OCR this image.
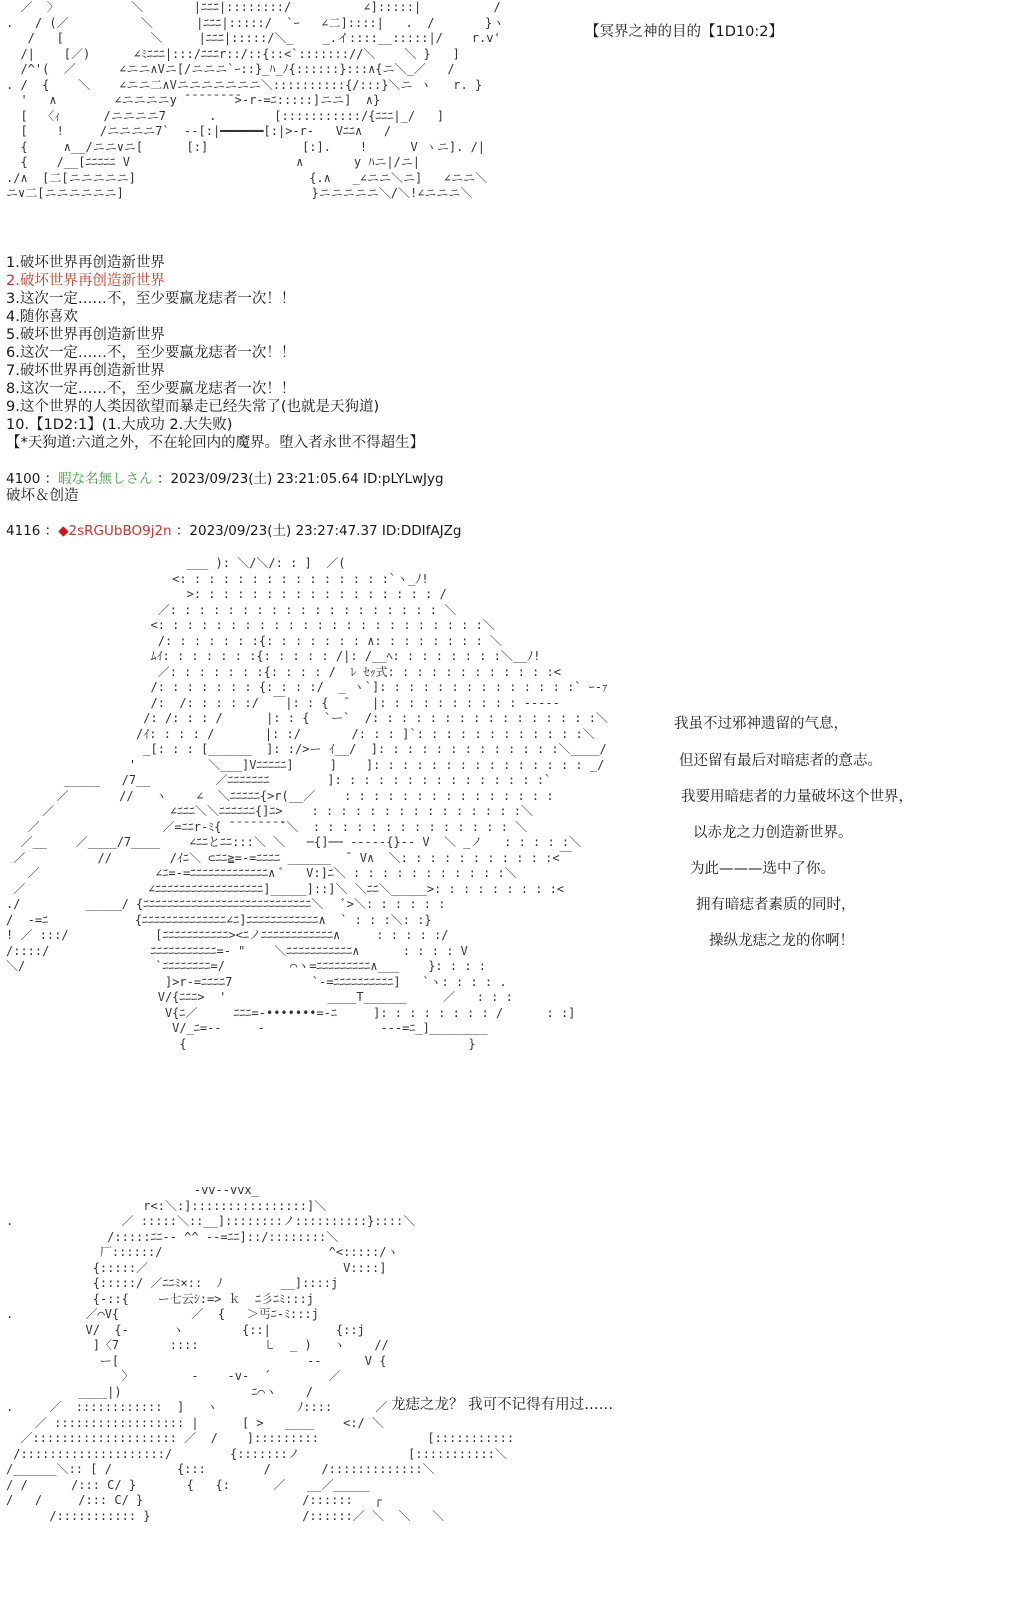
／  〉          ＼       |ﾆﾆﾆ|::::::::/          ∠]:::::|          /
.   / (／          ＼      |ﾆﾆﾆ|:::::/  `ｰ   ∠二]::::|   .  /       }ヽ
/   [            ＼     |ﾆﾆﾆ|:::::/＼_    _.イ::::__:::::|/    r.v'
/|    [／)      ∠ﾐﾆﾆﾆ|:::/ﾆﾆﾆr::/::{::<`::::::://＼    ＼ }   ]
/^'(  ／      ∠ニニ∧Vニ[/ニニニ`ｰ::}_ﾊ_ﾉ{::::::}:::∧{ニ＼_／   /
. /  {    ＼    ∠ニニ二∧Vニニニニニニニ＼::::::::::{/:::}＼ニ ヽ   r. }
'   ∧        ∠ニニニニy ̄ ̄ ̄ ̄ ̄ ̄ ̄ ̄>-r-=ﾆ:::::]ニニ]  ∧}
[  〈ｨ      /ニニニニ7      .        [:::::::::::/{ﾆﾆﾆ|_/   ]
[    !     /ニニニニ7`  --[:|━━━━━━[:|>-r-   Vﾆﾆ∧   /
{     ∧__/ニニ∨ニ[      [:]             [:].    !      V ヽニ]. /|
{    /__[ﾆﾆﾆﾆﾆ V                       ∧       y ﾊニ|/ニ|
./∧  [二[ニニニニニ]                        {.∧   _∠ニニ＼ニ]   ∠ニニ＼
ニ∨二[ニニニニニニ]                          }ニニニニニ＼/＼!∠ニニニ＼
【冥界之神的目的【1D10:2】
1.破坏世界再创造新世界
2.破坏世界再创造新世界
3.这次一定……不，至少要赢龙痣者一次！！
4.随你喜欢
5.破坏世界再创造新世界
6.这次一定……不，至少要赢龙痣者一次！！
7.破坏世界再创造新世界
8.这次一定……不，至少要赢龙痣者一次！！
9.这个世界的人类因欲望而暴走已经失常了(也就是天狗道)
10.【1D2:1】(1.大成功 2.大失败)
【*天狗道:六道之外，不在轮回内的魔界。堕入者永世不得超生】
4100 ：暇な名無しさん ：2023/09/23(土) 23:21:05.64 ID:pLYLwJyg
破坏＆创造
4116 ：◆2sRGUbBO9j2n ：2023/09/23(土) 23:27:47.37 ID:DDIfAJZg
___ ): ＼/＼/: : ]  ／(
<: : : : : : : : : : : : : : :`ヽ_ﾉ!
>: : : : : : : : : : : : : : : : : /
／: : : : : : : : : : : : : : : : : : : ＼
<: : : : : : : : : : : : : : : : : : : : : : :＼
/: : : : : : :{: : : : : : : ∧: : : : : : : : ＼
ﾑｲ: : : : : : :{: : : : : /|: /__ﾍ: : : : : : : :＼__ﾉ!
／: : : : : : :{: : : : /  ﾚ ｾｯ式: : : : : : : : : : : :<
/: : : : : : : {: : : :/  _ ヽ`]: : : : : : : : : : : : : :` ｰ-ｧ
/:  /: : : : :/  ￣|: : {  ̄    |: : : : : : : : : : -----
/: /: : : /      |: : {  `ー`  /: : : : : : : : : : : : : : : :＼
/ｲ: : : : /       |: :/       /: : : ]`: : : : : : : : : : : :＼
_[: : : [______  ]: :/>ー ｲ__/  ]: : : : : : : : : : : : :＼____/
'          ＼___]Vﾆﾆﾆﾆﾆ]     ]    ]: : : : : : : : : : : : : : : _/
_____   /7__         ／ﾆﾆﾆﾆﾆﾆﾆ        ]: : : : : : : : : : : : : : :`
／       //   ヽ    ∠  ＼ﾆﾆﾆﾆﾆ{>r(__／    : : : : : : : : : : : : : : :
／                ∠ﾆﾆﾆ＼＼ﾆﾆﾆﾆﾆﾆ{]ﾆ>    : : : : : : : : : : : : : : :＼
／                 ／=ﾆﾆr-ﾐ{ ̄ ̄ ̄ ̄ ̄ ̄ ̄ ̄`＼  : : : : : : : : : : : : : : ＼
／__    ／____/7____    ∠ﾆﾆとﾆﾆ:::＼ ＼   ─{]── -----{}-- V  ＼ _ノ   : : : : :＼
／          //        /ｲﾆ＼ ⊂ﾆﾆ≧=-=ﾆﾆﾆﾆ ______  ̄  V∧  ＼: : : : : : : : : : :<￣
／                ∠ﾆ=-=ﾆﾆﾆﾆﾆﾆﾆﾆﾆﾆﾆﾆﾆ∧ ﾞ   V:]ﾆ＼ : : : : : : : : : : :＼
／                 ∠ﾆﾆﾆﾆﾆﾆﾆﾆﾆﾆﾆﾆﾆﾆﾆﾆﾆﾆ]_____]::]＼ ＼ﾆﾆ＼_____>: : : : : : : : :<
./         _____/ {ﾆﾆﾆﾆﾆﾆﾆﾆﾆﾆﾆﾆﾆﾆﾆﾆﾆﾆﾆﾆﾆﾆﾆﾆﾆﾆﾆﾆ＼   ﾞ>＼: : : : : :
/  -=ﾆ            {ﾆﾆﾆﾆﾆﾆﾆﾆﾆﾆﾆﾆﾆﾆ∠ﾆ]ﾆﾆﾆﾆﾆﾆﾆﾆﾆﾆﾆﾆ∧  ` : : :＼: :}
! ／ :::/            [ﾆﾆﾆﾆﾆﾆﾆﾆﾆﾆﾆ><ﾆノﾆﾆﾆﾆﾆﾆﾆﾆﾆﾆﾆﾆ∧     : : : : :/
/::::/              ﾆﾆﾆﾆﾆﾆﾆﾆﾆﾆﾆ=- "    ＼ﾆﾆﾆﾆﾆﾆﾆﾆﾆﾆﾆ∧      : : : : V
＼/                  `ﾆﾆﾆﾆﾆﾆﾆﾆ=/         ⌒ヽ=ﾆﾆﾆﾆﾆﾆﾆﾆﾆ∧___    }: : : :
]>r-=ﾆﾆﾆﾆ7           `-=ﾆﾆﾆﾆﾆﾆﾆﾆﾆﾆ]   `ヽ: : : : .
V/{ﾆﾆﾆ>  '              ____T______     ／   : : :
V{ﾆ／     ﾆﾆﾆ=-•••••••=-ﾆ     ]: : : : : : : : /      : :]
V/_ﾆ=--     -                ---=ﾆ_]________
{                                       }
我虽不过邪神遗留的气息，
但还留有最后对暗痣者的意志。
我要用暗痣者的力量破坏这个世界，
以赤龙之力创造新世界。
为此———选中了你。
拥有暗痣者素质的同时，
操纵龙痣之龙的你啊！
-vv--vvx_
r<:＼:]::::::::::::::::]＼
.               ／ :::::＼::__]::::::::ノ::::::::::}::::＼
/:::::ﾆﾆ-- ^^ --=ﾆﾆ]::/::::::::＼
厂::::::/                       ^<:::::/ヽ
{:::::／                           V::::]
{:::::/ ／ﾆﾆﾐ×::  ﾉ        __]::::j
{-::{    ー七云ｼ:=> ｋ  ﾆ彡ﾆﾐ:::j
.          ／⌒V{          ／  {   ＞丐ﾆ-ﾐ:::j
V/  {-      ヽ        {::|         {::j
]〈7       ::::         ㇄  _ )   ヽ    //
ー[                          --      V {
〉        -    -v-  ´        ／
____|)                  ﾆ⌒ヽ    /
.     ／  ::::::::::::  ]   ヽ           ﾉ::::      ／
／ :::::::::::::::::: |      [ >   ____    <:/ ＼
／:::::::::::::::::::: ／  /    ]:::::::::               [:::::::::::
/::::::::::::::::::::/        {:::::::ノ               [:::::::::::＼
/______＼:: [ /         {:::        /       /:::::::::::::＼
/ /      /::: C/ }       {   {:      ／   __／_____
/   /     /::: C/ }                      /::::::   ┌
/::::::::::: }                     /::::::／ ＼  ＼   ＼
龙痣之龙？ 我可不记得有用过……
